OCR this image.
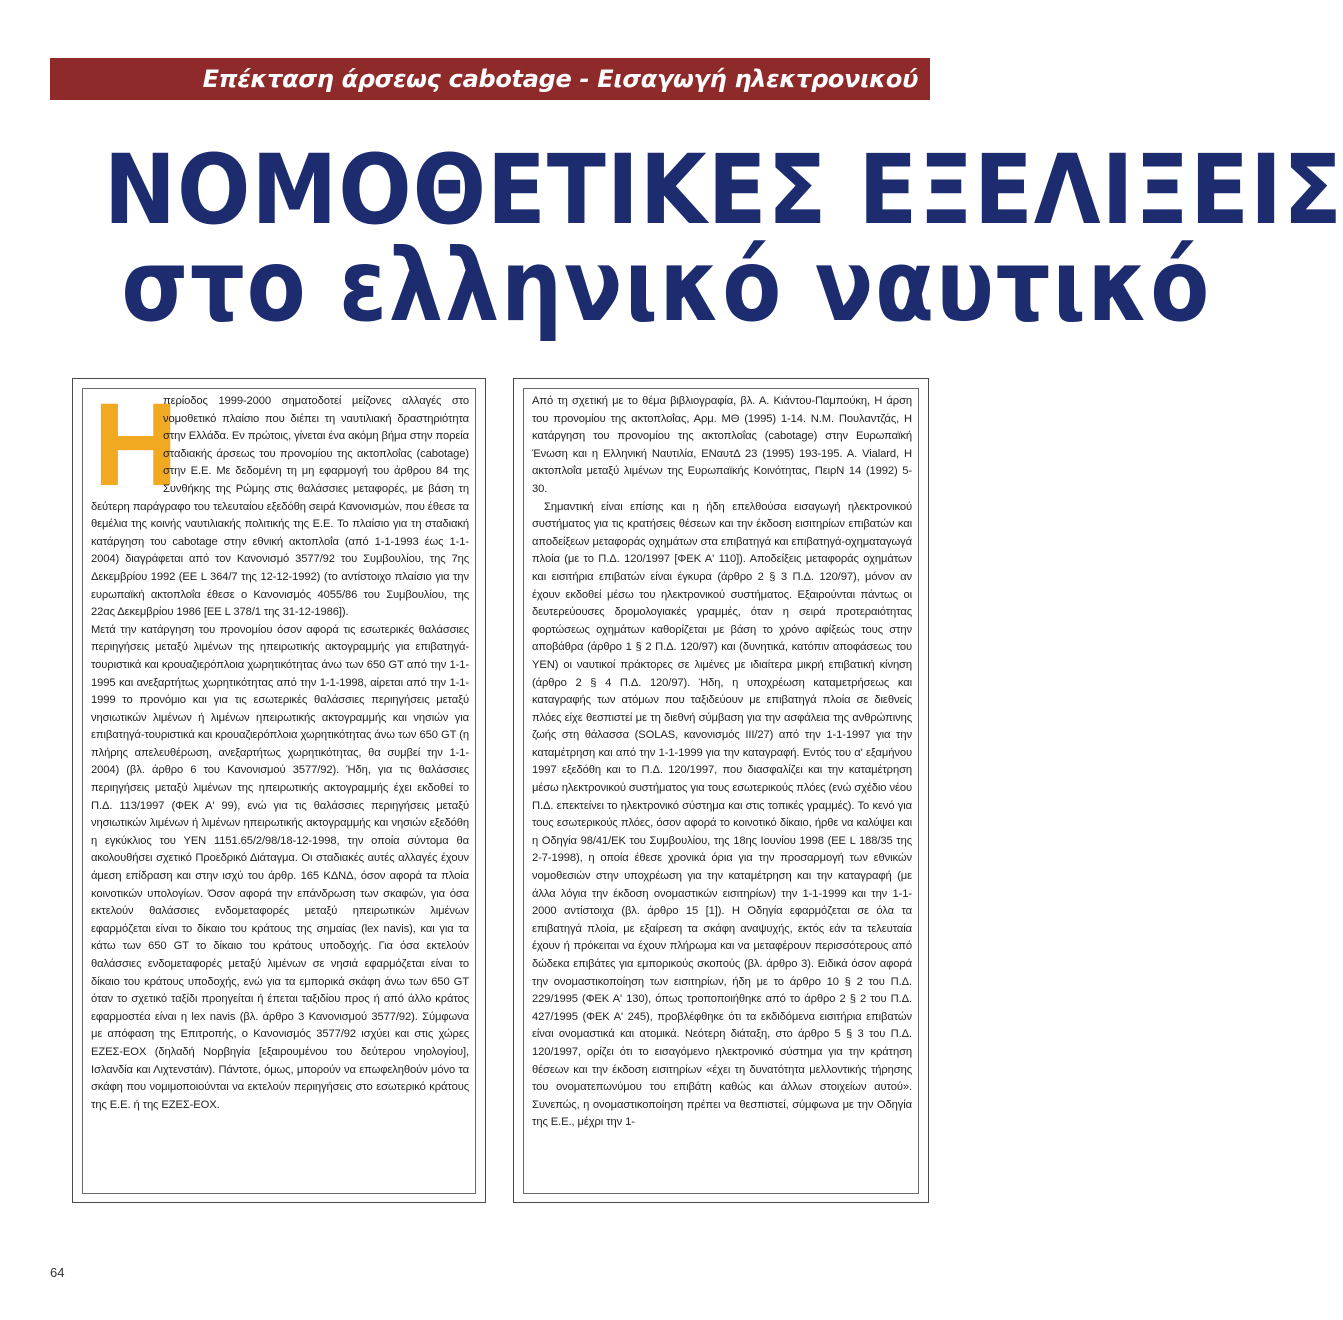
Επέκταση άρσεως cabotage - Εισαγωγή ηλεκτρονικού
ΝΟΜΟΘΕΤΙΚΕΣ ΕΞΕΛΙΞΕΙΣ
στο ελληνικό ναυτικό

Η
περίοδος 1999-2000 σηματοδοτεί μείζονες αλλαγές στο νομοθετικό πλαίσιο που διέπει τη ναυτιλιακή δραστηριότητα στην Ελλάδα. Εν πρώτοις, γίνεται ένα ακόμη βήμα στην πορεία σταδιακής άρσεως του προνομίου της ακτοπλοΐας (cabotage) στην Ε.Ε. Με δεδομένη τη μη εφαρμογή του άρθρου 84 της Συνθήκης της Ρώμης στις θαλάσσιες μεταφορές, με βάση τη δεύτερη παράγραφο του τελευταίου εξεδόθη σειρά Κανονισμών, που έθεσε τα θεμέλια της κοινής ναυτιλιακής πολιτικής της Ε.Ε. Το πλαίσιο για τη σταδιακή κατάργηση του cabotage στην εθνική ακτοπλοΐα (από 1-1-1993 έως 1-1-2004) διαγράφεται από τον Κανονισμό 3577/92 του Συμβουλίου, της 7ης Δεκεμβρίου 1992 (ΕΕ L 364/7 της 12-12-1992) (το αντίστοιχο πλαίσιο για την ευρωπαϊκή ακτοπλοΐα έθεσε ο Κανονισμός 4055/86 του Συμβουλίου, της 22ας Δεκεμβρίου 1986 [ΕΕ L 378/1 της 31-12-1986]).

Μετά την κατάργηση του προνομίου όσον αφορά τις εσωτερικές θαλάσσιες περιηγήσεις μεταξύ λιμένων της ηπειρωτικής ακτογραμμής για επιβατηγά-τουριστικά και κρουαζιερόπλοια χωρητικότητας άνω των 650 GT από την 1-1-1995 και ανεξαρτήτως χωρητικότητας από την 1-1-1998, αίρεται από την 1-1-1999 το προνόμιο και για τις εσωτερικές θαλάσσιες περιηγήσεις μεταξύ νησιωτικών λιμένων ή λιμένων ηπειρωτικής ακτογραμμής και νησιών για επιβατηγά-τουριστικά και κρουαζιερόπλοια χωρητικότητας άνω των 650 GT (η πλήρης απελευθέρωση, ανεξαρτήτως χωρητικότητας, θα συμβεί την 1-1-2004) (βλ. άρθρο 6 του Κανονισμού 3577/92). Ήδη, για τις θαλάσσιες περιηγήσεις μεταξύ λιμένων της ηπειρωτικής ακτογραμμής έχει εκδοθεί το Π.Δ. 113/1997 (ΦΕΚ Α' 99), ενώ για τις θαλάσσιες περιηγήσεις μεταξύ νησιωτικών λιμένων ή λιμένων ηπειρωτικής ακτογραμμής και νησιών εξεδόθη η εγκύκλιος του ΥΕΝ 1151.65/2/98/18-12-1998, την οποία σύντομα θα ακολουθήσει σχετικό Προεδρικό Διάταγμα. Οι σταδιακές αυτές αλλαγές έχουν άμεση επίδραση και στην ισχύ του άρθρ. 165 ΚΔΝΔ, όσον αφορά τα πλοία κοινοτικών υπολογίων. Όσον αφορά την επάνδρωση των σκαφών, για όσα εκτελούν θαλάσσιες ενδομεταφορές μεταξύ ηπειρωτικών λιμένων εφαρμόζεται είναι το δίκαιο του κράτους της σημαίας (lex navis), και για τα κάτω των 650 GT το δίκαιο του κράτους υποδοχής. Για όσα εκτελούν θαλάσσιες ενδομεταφορές μεταξύ λιμένων σε νησιά εφαρμόζεται είναι το δίκαιο του κράτους υποδοχής, ενώ για τα εμπορικά σκάφη άνω των 650 GT όταν το σχετικό ταξίδι προηγείται ή έπεται ταξιδίου προς ή από άλλο κράτος εφαρμοστέα είναι η lex navis (βλ. άρθρο 3 Κανονισμού 3577/92). Σύμφωνα με απόφαση της Επιτροπής, ο Κανονισμός 3577/92 ισχύει και στις χώρες ΕΖΕΣ-ΕΟΧ (δηλαδή Νορβηγία [εξαιρουμένου του δεύτερου νηολογίου], Ισλανδία και Λιχτενστάιν). Πάντοτε, όμως, μπορούν να επωφεληθούν μόνο τα σκάφη που νομιμοποιούνται να εκτελούν περιηγήσεις στο εσωτερικό κράτους της Ε.Ε. ή της ΕΖΕΣ-ΕΟΧ.

Από τη σχετική με το θέμα βιβλιογραφία, βλ. Α. Κιάντου-Παμπούκη, Η άρση του προνομίου της ακτοπλοΐας, Αρμ. ΜΘ (1995) 1-14. Ν.Μ. Πουλαντζάς, Η κατάργηση του προνομίου της ακτοπλοΐας (cabotage) στην Ευρωπαϊκή Ένωση και η Ελληνική Ναυτιλία, ΕΝαυτΔ 23 (1995) 193-195. Α. Vialard, Η ακτοπλοΐα μεταξύ λιμένων της Ευρωπαϊκής Κοινότητας, ΠειρΝ 14 (1992) 5-30.

Σημαντική είναι επίσης και η ήδη επελθούσα εισαγωγή ηλεκτρονικού συστήματος για τις κρατήσεις θέσεων και την έκδοση εισιτηρίων επιβατών και αποδείξεων μεταφοράς οχημάτων στα επιβατηγά και επιβατηγά-οχηματαγωγά πλοία (με το Π.Δ. 120/1997 [ΦΕΚ Α' 110]). Αποδείξεις μεταφοράς οχημάτων και εισιτήρια επιβατών είναι έγκυρα (άρθρο 2 § 3 Π.Δ. 120/97), μόνον αν έχουν εκδοθεί μέσω του ηλεκτρονικού συστήματος. Εξαιρούνται πάντως οι δευτερεύουσες δρομολογιακές γραμμές, όταν η σειρά προτεραιότητας φορτώσεως οχημάτων καθορίζεται με βάση το χρόνο αφίξεώς τους στην αποβάθρα (άρθρο 1 § 2 Π.Δ. 120/97) και (δυνητικά, κατόπιν αποφάσεως του ΥΕΝ) οι ναυτικοί πράκτορες σε λιμένες με ιδιαίτερα μικρή επιβατική κίνηση (άρθρο 2 § 4 Π.Δ. 120/97). Ήδη, η υποχρέωση καταμετρήσεως και καταγραφής των ατόμων που ταξιδεύουν με επιβατηγά πλοία σε διεθνείς πλόες είχε θεσπιστεί με τη διεθνή σύμβαση για την ασφάλεια της ανθρώπινης ζωής στη θάλασσα (SOLAS, κανονισμός III/27) από την 1-1-1997 για την καταμέτρηση και από την 1-1-1999 για την καταγραφή. Εντός του α' εξαμήνου 1997 εξεδόθη και το Π.Δ. 120/1997, που διασφαλίζει και την καταμέτρηση μέσω ηλεκτρονικού συστήματος για τους εσωτερικούς πλόες (ενώ σχέδιο νέου Π.Δ. επεκτείνει το ηλεκτρονικό σύστημα και στις τοπικές γραμμές). Το κενό για τους εσωτερικούς πλόες, όσον αφορά το κοινοτικό δίκαιο, ήρθε να καλύψει και η Οδηγία 98/41/ΕΚ του Συμβουλίου, της 18ης Ιουνίου 1998 (ΕΕ L 188/35 της 2-7-1998), η οποία έθεσε χρονικά όρια για την προσαρμογή των εθνικών νομοθεσιών στην υποχρέωση για την καταμέτρηση και την καταγραφή (με άλλα λόγια την έκδοση ονομαστικών εισιτηρίων) την 1-1-1999 και την 1-1-2000 αντίστοιχα (βλ. άρθρο 15 [1]). Η Οδηγία εφαρμόζεται σε όλα τα επιβατηγά πλοία, με εξαίρεση τα σκάφη αναψυχής, εκτός εάν τα τελευταία έχουν ή πρόκειται να έχουν πλήρωμα και να μεταφέρουν περισσότερους από δώδεκα επιβάτες για εμπορικούς σκοπούς (βλ. άρθρο 3). Ειδικά όσον αφορά την ονομαστικοποίηση των εισιτηρίων, ήδη με το άρθρο 10 § 2 του Π.Δ. 229/1995 (ΦΕΚ Α' 130), όπως τροποποιήθηκε από το άρθρο 2 § 2 του Π.Δ. 427/1995 (ΦΕΚ Α' 245), προβλέφθηκε ότι τα εκδιδόμενα εισιτήρια επιβατών είναι ονομαστικά και ατομικά. Νεότερη διάταξη, στο άρθρο 5 § 3 του Π.Δ. 120/1997, ορίζει ότι το εισαγόμενο ηλεκτρονικό σύστημα για την κράτηση θέσεων και την έκδοση εισιτηρίων «έχει τη δυνατότητα μελλοντικής τήρησης του ονοματεπωνύμου του επιβάτη καθώς και άλλων στοιχείων αυτού». Συνεπώς, η ονομαστικοποίηση πρέπει να θεσπιστεί, σύμφωνα με την Οδηγία της Ε.Ε., μέχρι την 1-

64
